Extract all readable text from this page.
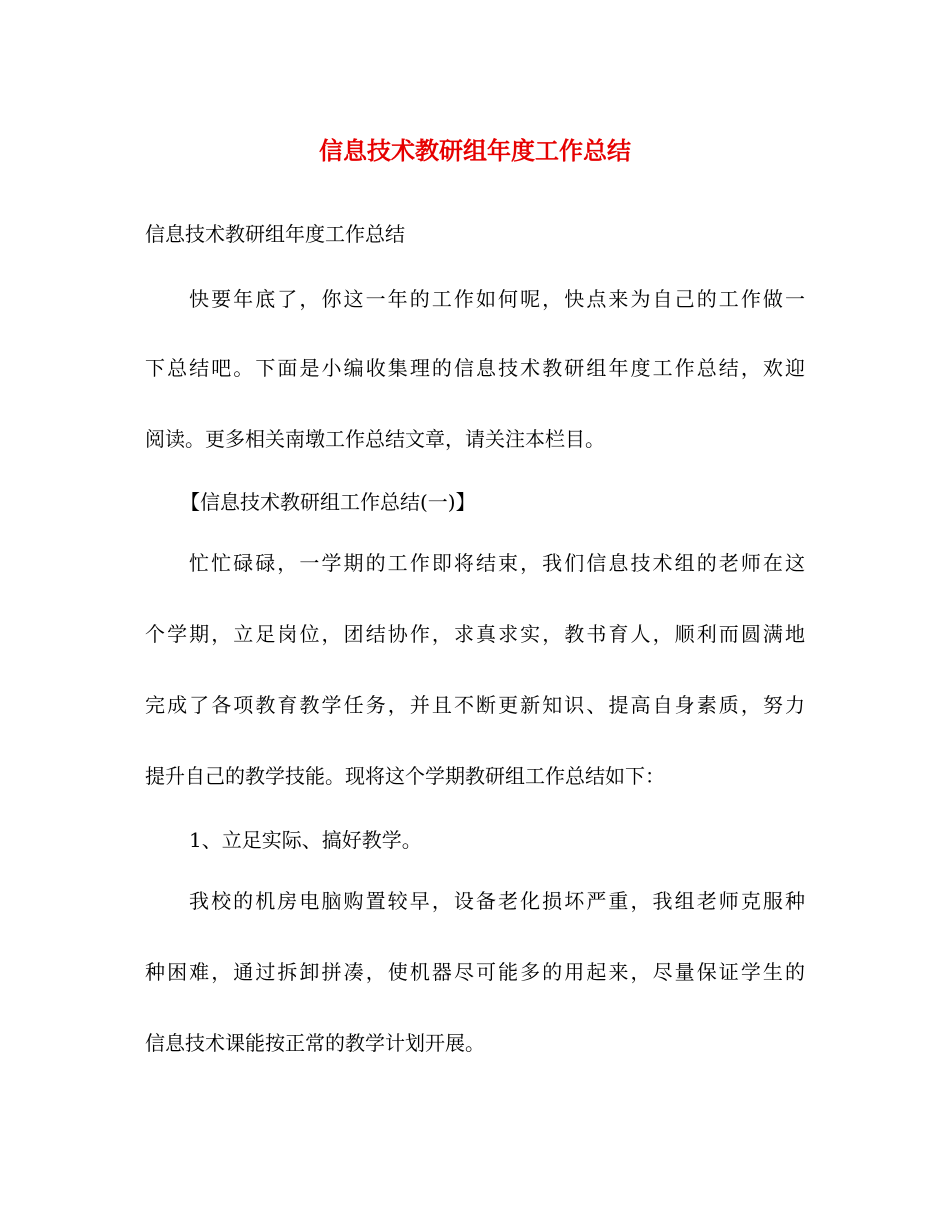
信息技术教研组年度工作总结

信息技术教研组年度工作总结

快要年底了，你这一年的工作如何呢，快点来为自己的工作做一

下总结吧。下面是小编收集理的信息技术教研组年度工作总结，欢迎

阅读。更多相关南墩工作总结文章，请关注本栏目。

【信息技术教研组工作总结(一)】

忙忙碌碌，一学期的工作即将结束，我们信息技术组的老师在这

个学期，立足岗位，团结协作，求真求实，教书育人，顺利而圆满地

完成了各项教育教学任务，并且不断更新知识、提高自身素质，努力

提升自己的教学技能。现将这个学期教研组工作总结如下：

1、立足实际、搞好教学。

我校的机房电脑购置较早，设备老化损坏严重，我组老师克服种

种困难，通过拆卸拼凑，使机器尽可能多的用起来，尽量保证学生的

信息技术课能按正常的教学计划开展。
